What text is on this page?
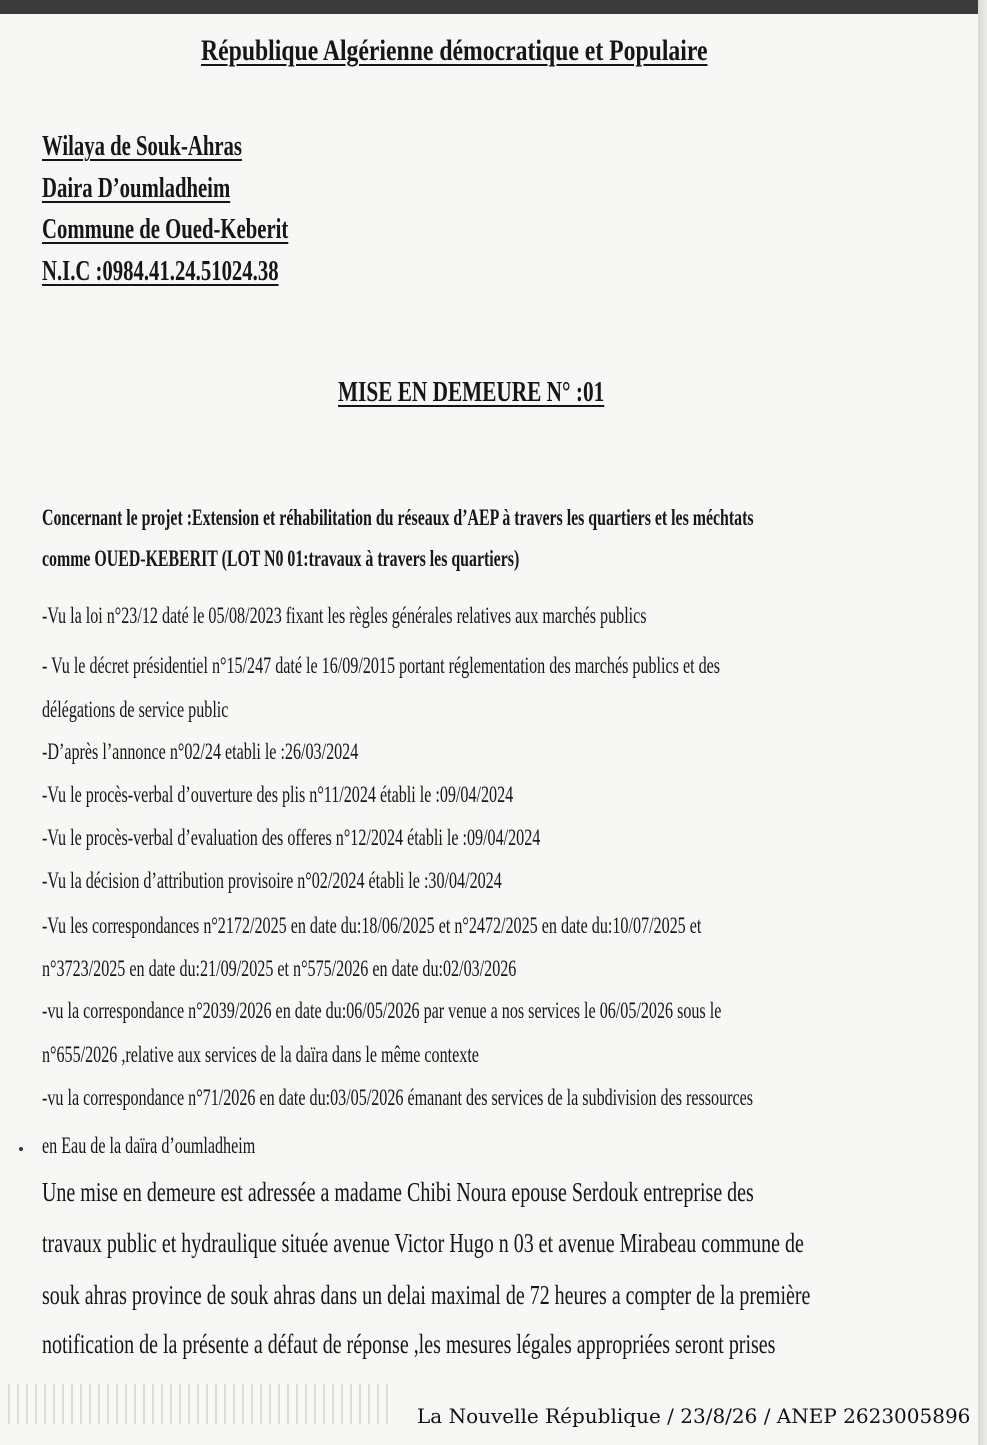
République Algérienne démocratique et Populaire
Wilaya de Souk-Ahras
Daira D’oumladheim
Commune de Oued-Keberit
N.I.C :0984.41.24.51024.38
MISE EN DEMEURE N° :01
Concernant le projet :Extension et réhabilitation du réseaux d’AEP à travers les quartiers et les méchtats
comme OUED-KEBERIT (LOT N0 01:travaux à travers les quartiers)
-Vu la loi n°23/12 daté le 05/08/2023 fixant les règles générales relatives aux marchés publics
- Vu le décret présidentiel n°15/247 daté le 16/09/2015 portant réglementation des marchés publics et des
délégations de service public
-D’après l’annonce n°02/24 etabli le :26/03/2024
-Vu le procès-verbal d’ouverture des plis n°11/2024 établi le :09/04/2024
-Vu le procès-verbal d’evaluation des offeres n°12/2024 établi le :09/04/2024
-Vu la décision d’attribution provisoire n°02/2024 établi le :30/04/2024
-Vu les correspondances n°2172/2025 en date du:18/06/2025 et n°2472/2025 en date du:10/07/2025 et
n°3723/2025 en date du:21/09/2025 et n°575/2026 en date du:02/03/2026
-vu la correspondance n°2039/2026 en date du:06/05/2026 par venue a nos services le 06/05/2026 sous le
n°655/2026 ,relative aux services de la daïra dans le même contexte
-vu la correspondance n°71/2026 en date du:03/05/2026 émanant des services de la subdivision des ressources
en Eau de la daïra d’oumladheim
Une mise en demeure est adressée a madame Chibi Noura epouse Serdouk entreprise des
travaux public et hydraulique située avenue Victor Hugo n 03 et avenue Mirabeau commune de
souk ahras province de souk ahras dans un delai maximal de 72 heures a compter de la première
notification de la présente a défaut de réponse ,les mesures légales appropriées seront prises
La Nouvelle République / 23/8/26 / ANEP 2623005896
